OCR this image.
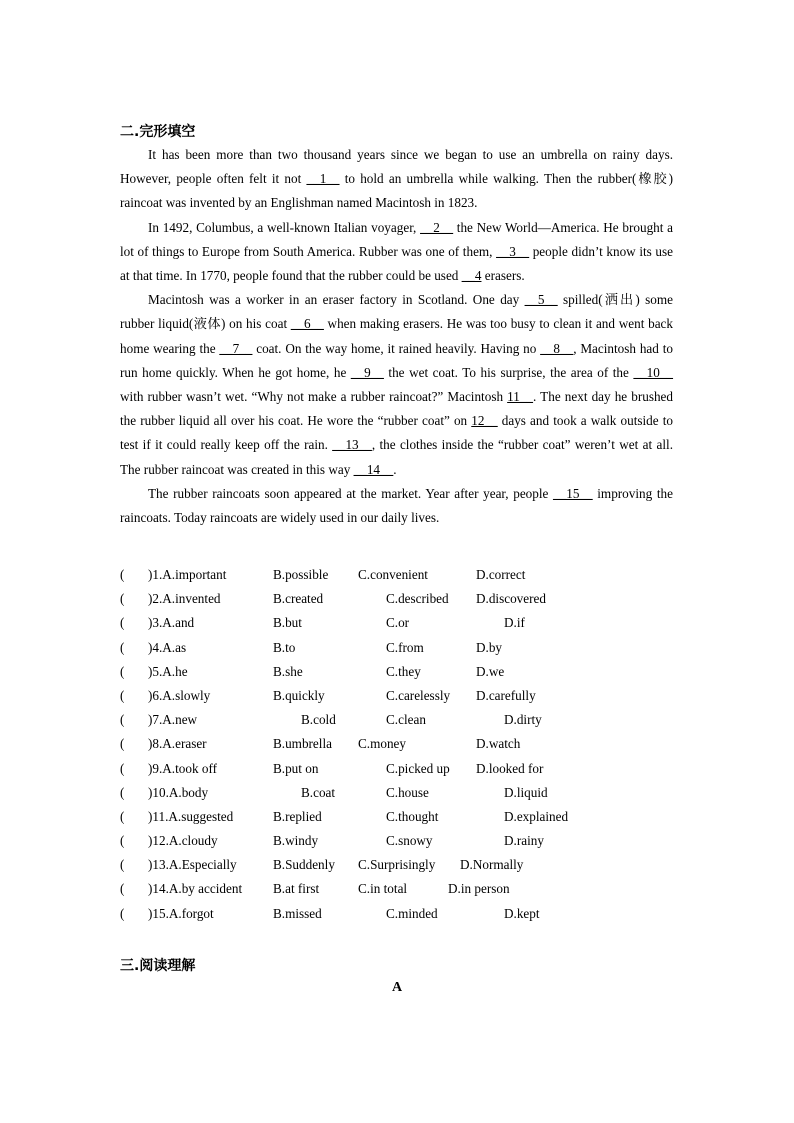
二.完形填空

It has been more than two thousand years since we began to use an umbrella on rainy days. However, people often felt it not __1__ to hold an umbrella while walking. Then the rubber(橡胶) raincoat was invented by an Englishman named Macintosh in 1823.

In 1492, Columbus, a well-known Italian voyager, __2__ the New World—America. He brought a lot of things to Europe from South America. Rubber was one of them, __3__ people didn’t know its use at that time. In 1770, people found that the rubber could be used __4 erasers.

Macintosh was a worker in an eraser factory in Scotland. One day __5__ spilled(洒出) some rubber liquid(液体) on his coat __6__ when making erasers. He was too busy to clean it and went back home wearing the __7__ coat. On the way home, it rained heavily. Having no __8__, Macintosh had to run home quickly. When he got home, he __9__ the wet coat. To his surprise, the area of the __10__ with rubber wasn’t wet. “Why not make a rubber raincoat?” Macintosh 11__. The next day he brushed the rubber liquid all over his coat. He wore the “rubber coat” on 12__ days and took a walk outside to test if it could really keep off the rain. __13__, the clothes inside the “rubber coat” weren’t wet at all. The rubber raincoat was created in this way __14__.

The rubber raincoats soon appeared at the market. Year after year, people __15__ improving the raincoats. Today raincoats are widely used in our daily lives.

( )1.A.important	B.possible C.convenient	D.correct
( )2.A.invented	B.created	C.described D.discovered
( )3.A.and	B.but	C.or	D.if
( )4.A.as	B.to	C.from	D.by
( )5.A.he	B.she	C.they	D.we
( )6.A.slowly	B.quickly	C.carelessly D.carefully
( )7.A.new	B.cold	C.clean	D.dirty
( )8.A.eraser	B.umbrella C.money	D.watch
( )9.A.took off	B.put on	C.picked up D.looked for
( )10.A.body	B.coat	C.house	D.liquid
( )11.A.suggested	B.replied	C.thought	D.explained
( )12.A.cloudy	B.windy	C.snowy	D.rainy
( )13.A.Especially	B.Suddenly C.Surprisingly D.Normally
( )14.A.by accident B.at first	C.in total	D.in person
( )15.A.forgot	B.missed	C.minded	D.kept
三.阅读理解
A
